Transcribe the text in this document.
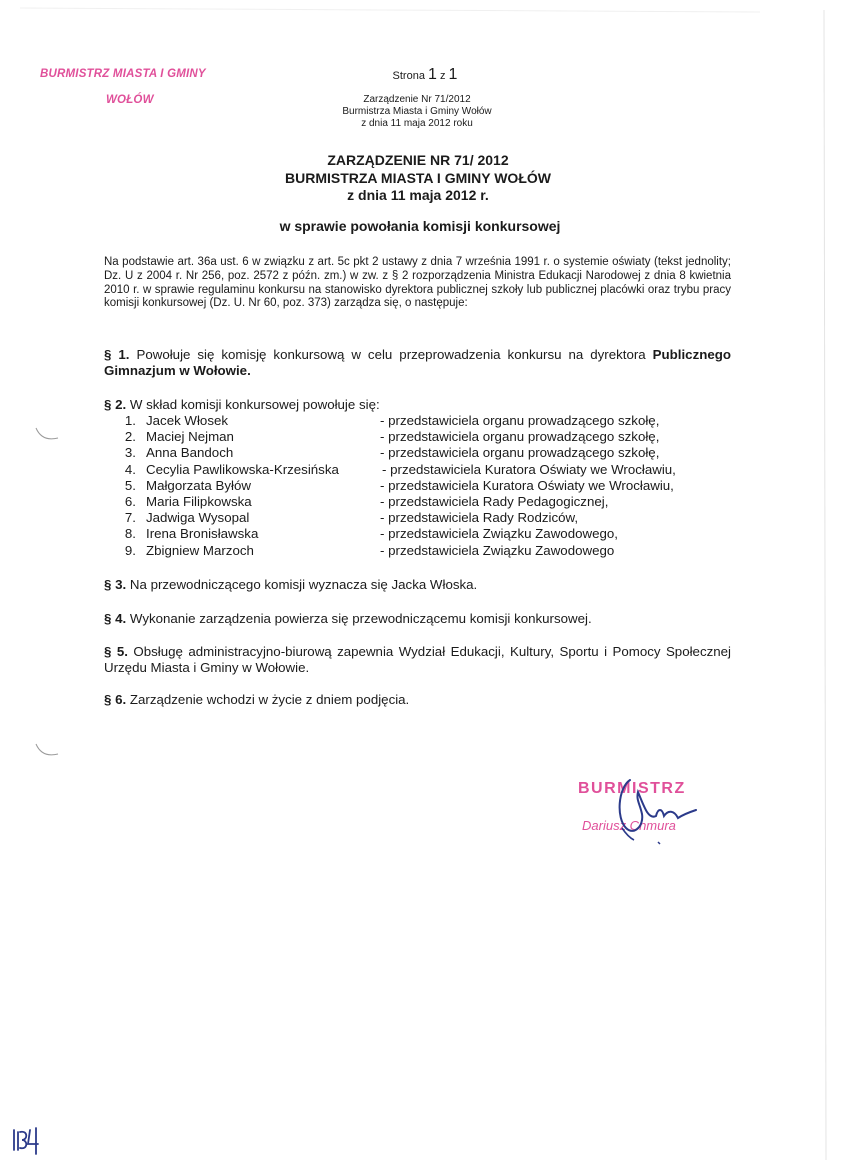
BURMISTRZ MIASTA I GMINY
WOŁÓW
Strona 1 z 1
Zarządzenie Nr 71/2012
Burmistrza Miasta i Gminy Wołów
z dnia 11 maja 2012 roku
ZARZĄDZENIE NR 71/ 2012
BURMISTRZA MIASTA I GMINY WOŁÓW
z dnia 11 maja 2012 r.
w sprawie powołania komisji konkursowej
Na podstawie art. 36a ust. 6 w związku z art. 5c pkt 2 ustawy z dnia 7 września 1991 r. o systemie oświaty (tekst jednolity; Dz. U z 2004 r. Nr 256, poz. 2572 z późn. zm.) w zw. z § 2 rozporządzenia Ministra Edukacji Narodowej z dnia 8 kwietnia 2010 r. w sprawie regulaminu konkursu na stanowisko dyrektora publicznej szkoły lub publicznej placówki oraz trybu pracy komisji konkursowej (Dz. U. Nr 60, poz. 373) zarządza się, o następuje:
§ 1. Powołuje się komisję konkursową w celu przeprowadzenia konkursu na dyrektora Publicznego Gimnazjum w Wołowie.
§ 2. W skład komisji konkursowej powołuje się:
1. Jacek Włosek	- przedstawiciela organu prowadzącego szkołę,
2. Maciej Nejman	- przedstawiciela organu prowadzącego szkołę,
3. Anna Bandoch	- przedstawiciela organu prowadzącego szkołę,
4. Cecylia Pawlikowska-Krzesińska	- przedstawiciela Kuratora Oświaty we Wrocławiu,
5. Małgorzata Byłów	- przedstawiciela Kuratora Oświaty we Wrocławiu,
6. Maria Filipkowska	- przedstawiciela Rady Pedagogicznej,
7. Jadwiga Wysopal	- przedstawiciela Rady Rodziców,
8. Irena Bronisławska	- przedstawiciela Związku Zawodowego,
9. Zbigniew Marzoch	- przedstawiciela Związku Zawodowego
§ 3. Na przewodniczącego komisji wyznacza się Jacka Włoska.
§ 4. Wykonanie zarządzenia powierza się przewodniczącemu komisji konkursowej.
§ 5. Obsługę administracyjno-biurową zapewnia Wydział Edukacji, Kultury, Sportu i Pomocy Społecznej Urzędu Miasta i Gminy w Wołowie.
§ 6. Zarządzenie wchodzi w życie z dniem podjęcia.
BURMISTRZ
Dariusz Chmura
